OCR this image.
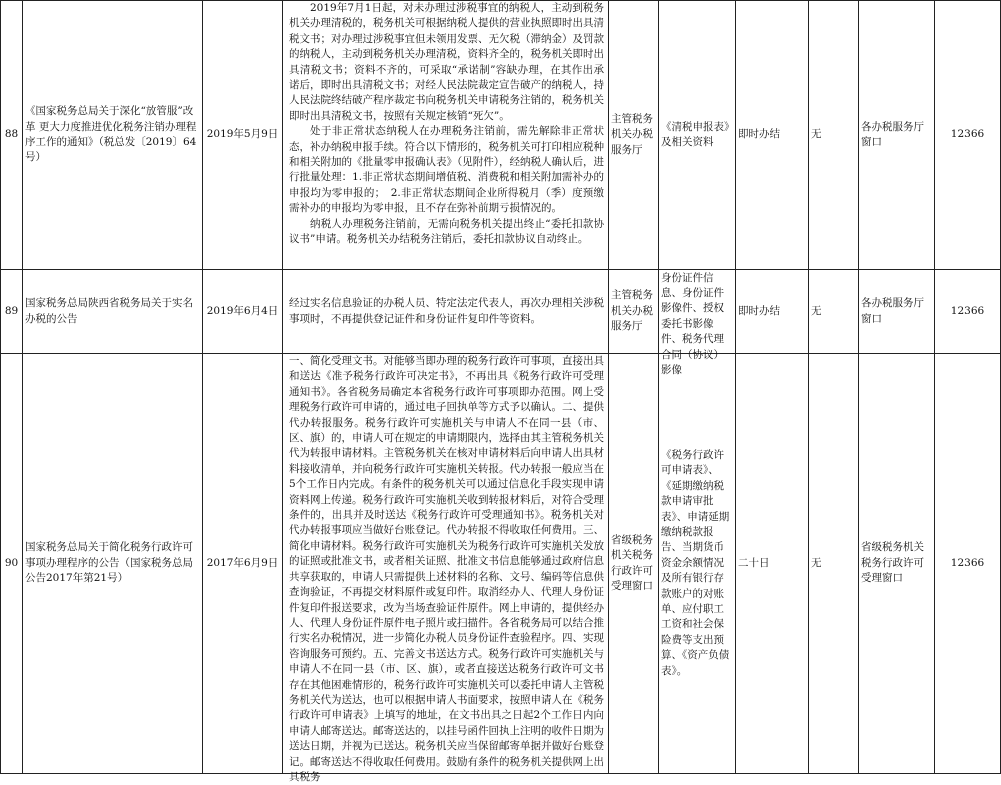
88	《国家税务总局关于深化“放管服”改革 更大力度推进优化税务注销办理程序工作的通知》（税总发〔2019〕64号）	2019年5月9日	2019年7月1日起，对未办理过涉税事宜的纳税人，主动到税务机关办理清税的，税务机关可根据纳税人提供的营业执照即时出具清税文书；对办理过涉税事宜但未领用发票、无欠税（滞纳金）及罚款的纳税人，主动到税务机关办理清税，资料齐全的，税务机关即时出具清税文书；资料不齐的，可采取“承诺制”容缺办理，在其作出承诺后，即时出具清税文书；对经人民法院裁定宣告破产的纳税人，持人民法院终结破产程序裁定书向税务机关申请税务注销的，税务机关即时出具清税文书，按照有关规定核销“死欠”。

处于非正常状态纳税人在办理税务注销前，需先解除非正常状态，补办纳税申报手续。符合以下情形的，税务机关可打印相应税种和相关附加的《批量零申报确认表》（见附件），经纳税人确认后，进行批量处理：1.非正常状态期间增值税、消费税和相关附加需补办的申报均为零申报的；　2.非正常状态期间企业所得税月（季）度预缴需补办的申报均为零申报，且不存在弥补前期亏损情况的。

纳税人办理税务注销前，无需向税务机关提出终止“委托扣款协议书”申请。税务机关办结税务注销后，委托扣款协议自动终止。	主管税务机关办税服务厅	《清税申报表》及相关资料	即时办结	无	各办税服务厅窗口	12366
89	国家税务总局陕西省税务局关于实名办税的公告	2019年6月4日	经过实名信息验证的办税人员、特定法定代表人，再次办理相关涉税事项时，不再提供登记证件和身份证件复印件等资料。	主管税务机关办税服务厅	身份证件信息、身份证件影像件、授权委托书影像件、税务代理合同（协议）影像	即时办结	无	各办税服务厅窗口	12366
90	国家税务总局关于简化税务行政许可事项办理程序的公告（国家税务总局公告2017年第21号）	2017年6月9日	一、简化受理文书。对能够当即办理的税务行政许可事项，直接出具和送达《准予税务行政许可决定书》，不再出具《税务行政许可受理通知书》。各省税务局确定本省税务行政许可事项即办范围。网上受理税务行政许可申请的，通过电子回执单等方式予以确认。二、提供代办转报服务。税务行政许可实施机关与申请人不在同一县（市、区、旗）的，申请人可在规定的申请期限内，选择由其主管税务机关代为转报申请材料。主管税务机关在核对申请材料后向申请人出具材料接收清单，并向税务行政许可实施机关转报。代办转报一般应当在5个工作日内完成。有条件的税务机关可以通过信息化手段实现申请资料网上传递。税务行政许可实施机关收到转报材料后，对符合受理条件的，出具并及时送达《税务行政许可受理通知书》。税务机关对代办转报事项应当做好台账登记。代办转报不得收取任何费用。三、简化申请材料。税务行政许可实施机关为税务行政许可实施机关发放的证照或批准文书，或者相关证照、批准文书信息能够通过政府信息共享获取的，申请人只需提供上述材料的名称、文号、编码等信息供查询验证，不再提交材料原件或复印件。取消经办人、代理人身份证件复印件报送要求，改为当场查验证件原件。网上申请的，提供经办人、代理人身份证件原件电子照片或扫描件。各省税务局可以结合推行实名办税情况，进一步简化办税人员身份证件查验程序。四、实现咨询服务可预约。五、完善文书送达方式。税务行政许可实施机关与申请人不在同一县（市、区、旗），或者直接送达税务行政许可文书存在其他困难情形的，税务行政许可实施机关可以委托申请人主管税务机关代为送达，也可以根据申请人书面要求，按照申请人在《税务行政许可申请表》上填写的地址，在文书出具之日起2个工作日内向申请人邮寄送达。邮寄送达的，以挂号函件回执上注明的收件日期为送达日期，并视为已送达。税务机关应当保留邮寄单据并做好台账登记。邮寄送达不得收取任何费用。鼓励有条件的税务机关提供网上出具税务	省级税务机关税务行政许可受理窗口	《税务行政许可申请表》、《延期缴纳税款申请审批表》、申请延期缴纳税款报告、当期货币资金余额情况及所有银行存款账户的对账单、应付职工工资和社会保险费等支出预算、《资产负债表》。	二十日	无	省级税务机关税务行政许可受理窗口	12366
